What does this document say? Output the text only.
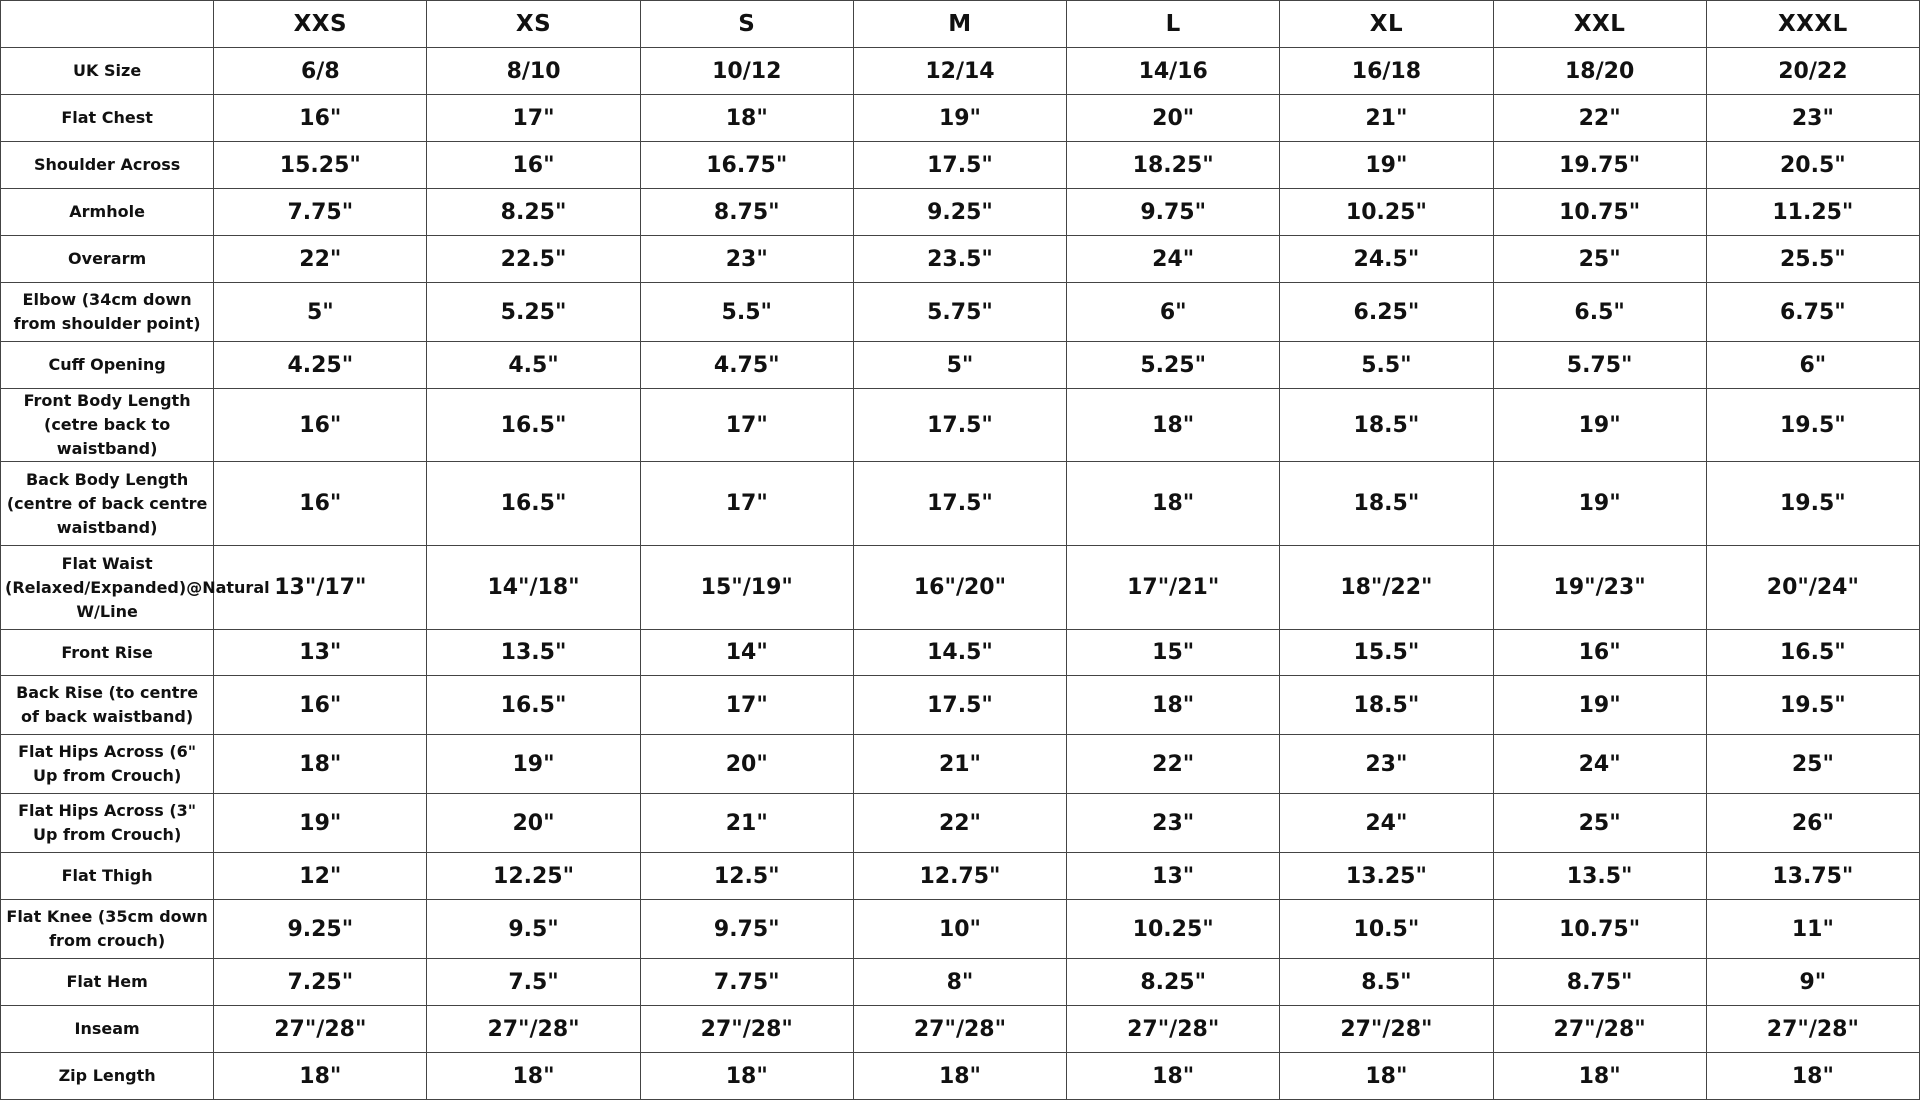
	XXS	XS	S	M	L	XL	XXL	XXXL
UK Size	6/8	8/10	10/12	12/14	14/16	16/18	18/20	20/22
Flat Chest	16"	17"	18"	19"	20"	21"	22"	23"
Shoulder Across	15.25"	16"	16.75"	17.5"	18.25"	19"	19.75"	20.5"
Armhole	7.75"	8.25"	8.75"	9.25"	9.75"	10.25"	10.75"	11.25"
Overarm	22"	22.5"	23"	23.5"	24"	24.5"	25"	25.5"
Elbow (34cm down from shoulder point)	5"	5.25"	5.5"	5.75"	6"	6.25"	6.5"	6.75"
Cuff Opening	4.25"	4.5"	4.75"	5"	5.25"	5.5"	5.75"	6"
Front Body Length (cetre back to waistband)	16"	16.5"	17"	17.5"	18"	18.5"	19"	19.5"
Back Body Length (centre of back centre waistband)	16"	16.5"	17"	17.5"	18"	18.5"	19"	19.5"
Flat Waist (Relaxed/Expanded)@Natural W/Line	13"/17"	14"/18"	15"/19"	16"/20"	17"/21"	18"/22"	19"/23"	20"/24"
Front Rise	13"	13.5"	14"	14.5"	15"	15.5"	16"	16.5"
Back Rise (to centre of back waistband)	16"	16.5"	17"	17.5"	18"	18.5"	19"	19.5"
Flat Hips Across (6" Up from Crouch)	18"	19"	20"	21"	22"	23"	24"	25"
Flat Hips Across (3" Up from Crouch)	19"	20"	21"	22"	23"	24"	25"	26"
Flat Thigh	12"	12.25"	12.5"	12.75"	13"	13.25"	13.5"	13.75"
Flat Knee (35cm down from crouch)	9.25"	9.5"	9.75"	10"	10.25"	10.5"	10.75"	11"
Flat Hem	7.25"	7.5"	7.75"	8"	8.25"	8.5"	8.75"	9"
Inseam	27"/28"	27"/28"	27"/28"	27"/28"	27"/28"	27"/28"	27"/28"	27"/28"
Zip Length	18"	18"	18"	18"	18"	18"	18"	18"
